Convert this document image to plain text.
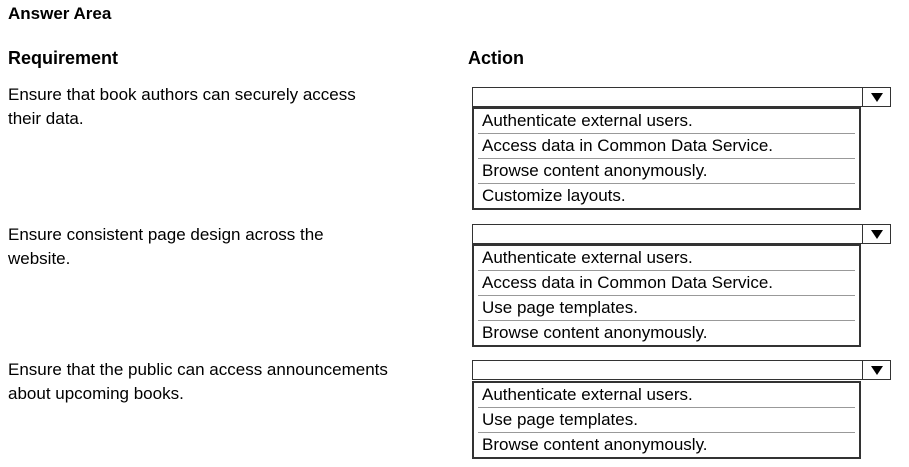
Answer Area
Requirement	Action
Ensure that book authors can securely access
their data.	Authenticate external users.
Access data in Common Data Service.
Browse content anonymously.
Customize layouts.
Ensure consistent page design across the
website.	Authenticate external users.
Access data in Common Data Service.
Use page templates.
Browse content anonymously.
Ensure that the public can access announcements
about upcoming books.	Authenticate external users.
Use page templates.
Browse content anonymously.
